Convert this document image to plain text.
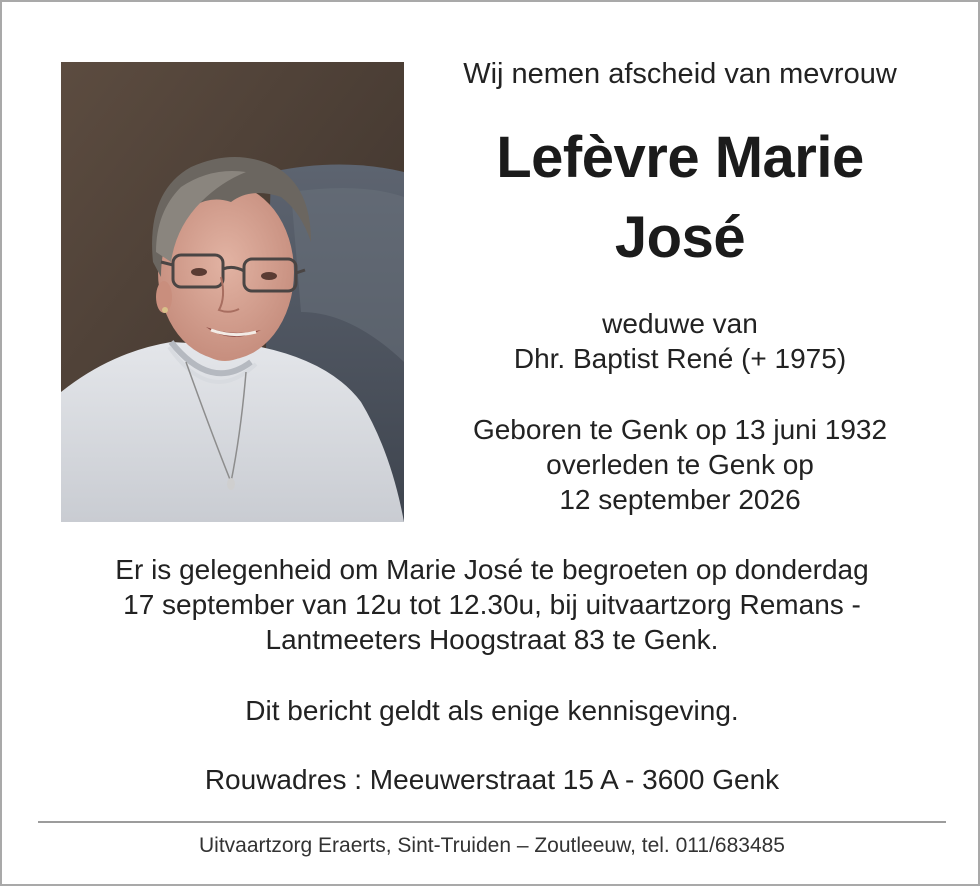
Wij nemen afscheid van mevrouw

Lefèvre Marie
José
weduwe van
Dhr. Baptist René (+ 1975)
Geboren te Genk op 13 juni 1932
overleden te Genk op
12 september 2026

Er is gelegenheid om Marie José te begroeten op donderdag

17 september van 12u tot 12.30u, bij uitvaartzorg Remans -

Lantmeeters Hoogstraat 83 te Genk.

Dit bericht geldt als enige kennisgeving.

Rouwadres : Meeuwerstraat 15 A - 3600 Genk

Uitvaartzorg Eraerts, Sint-Truiden – Zoutleeuw, tel. 011/683485
